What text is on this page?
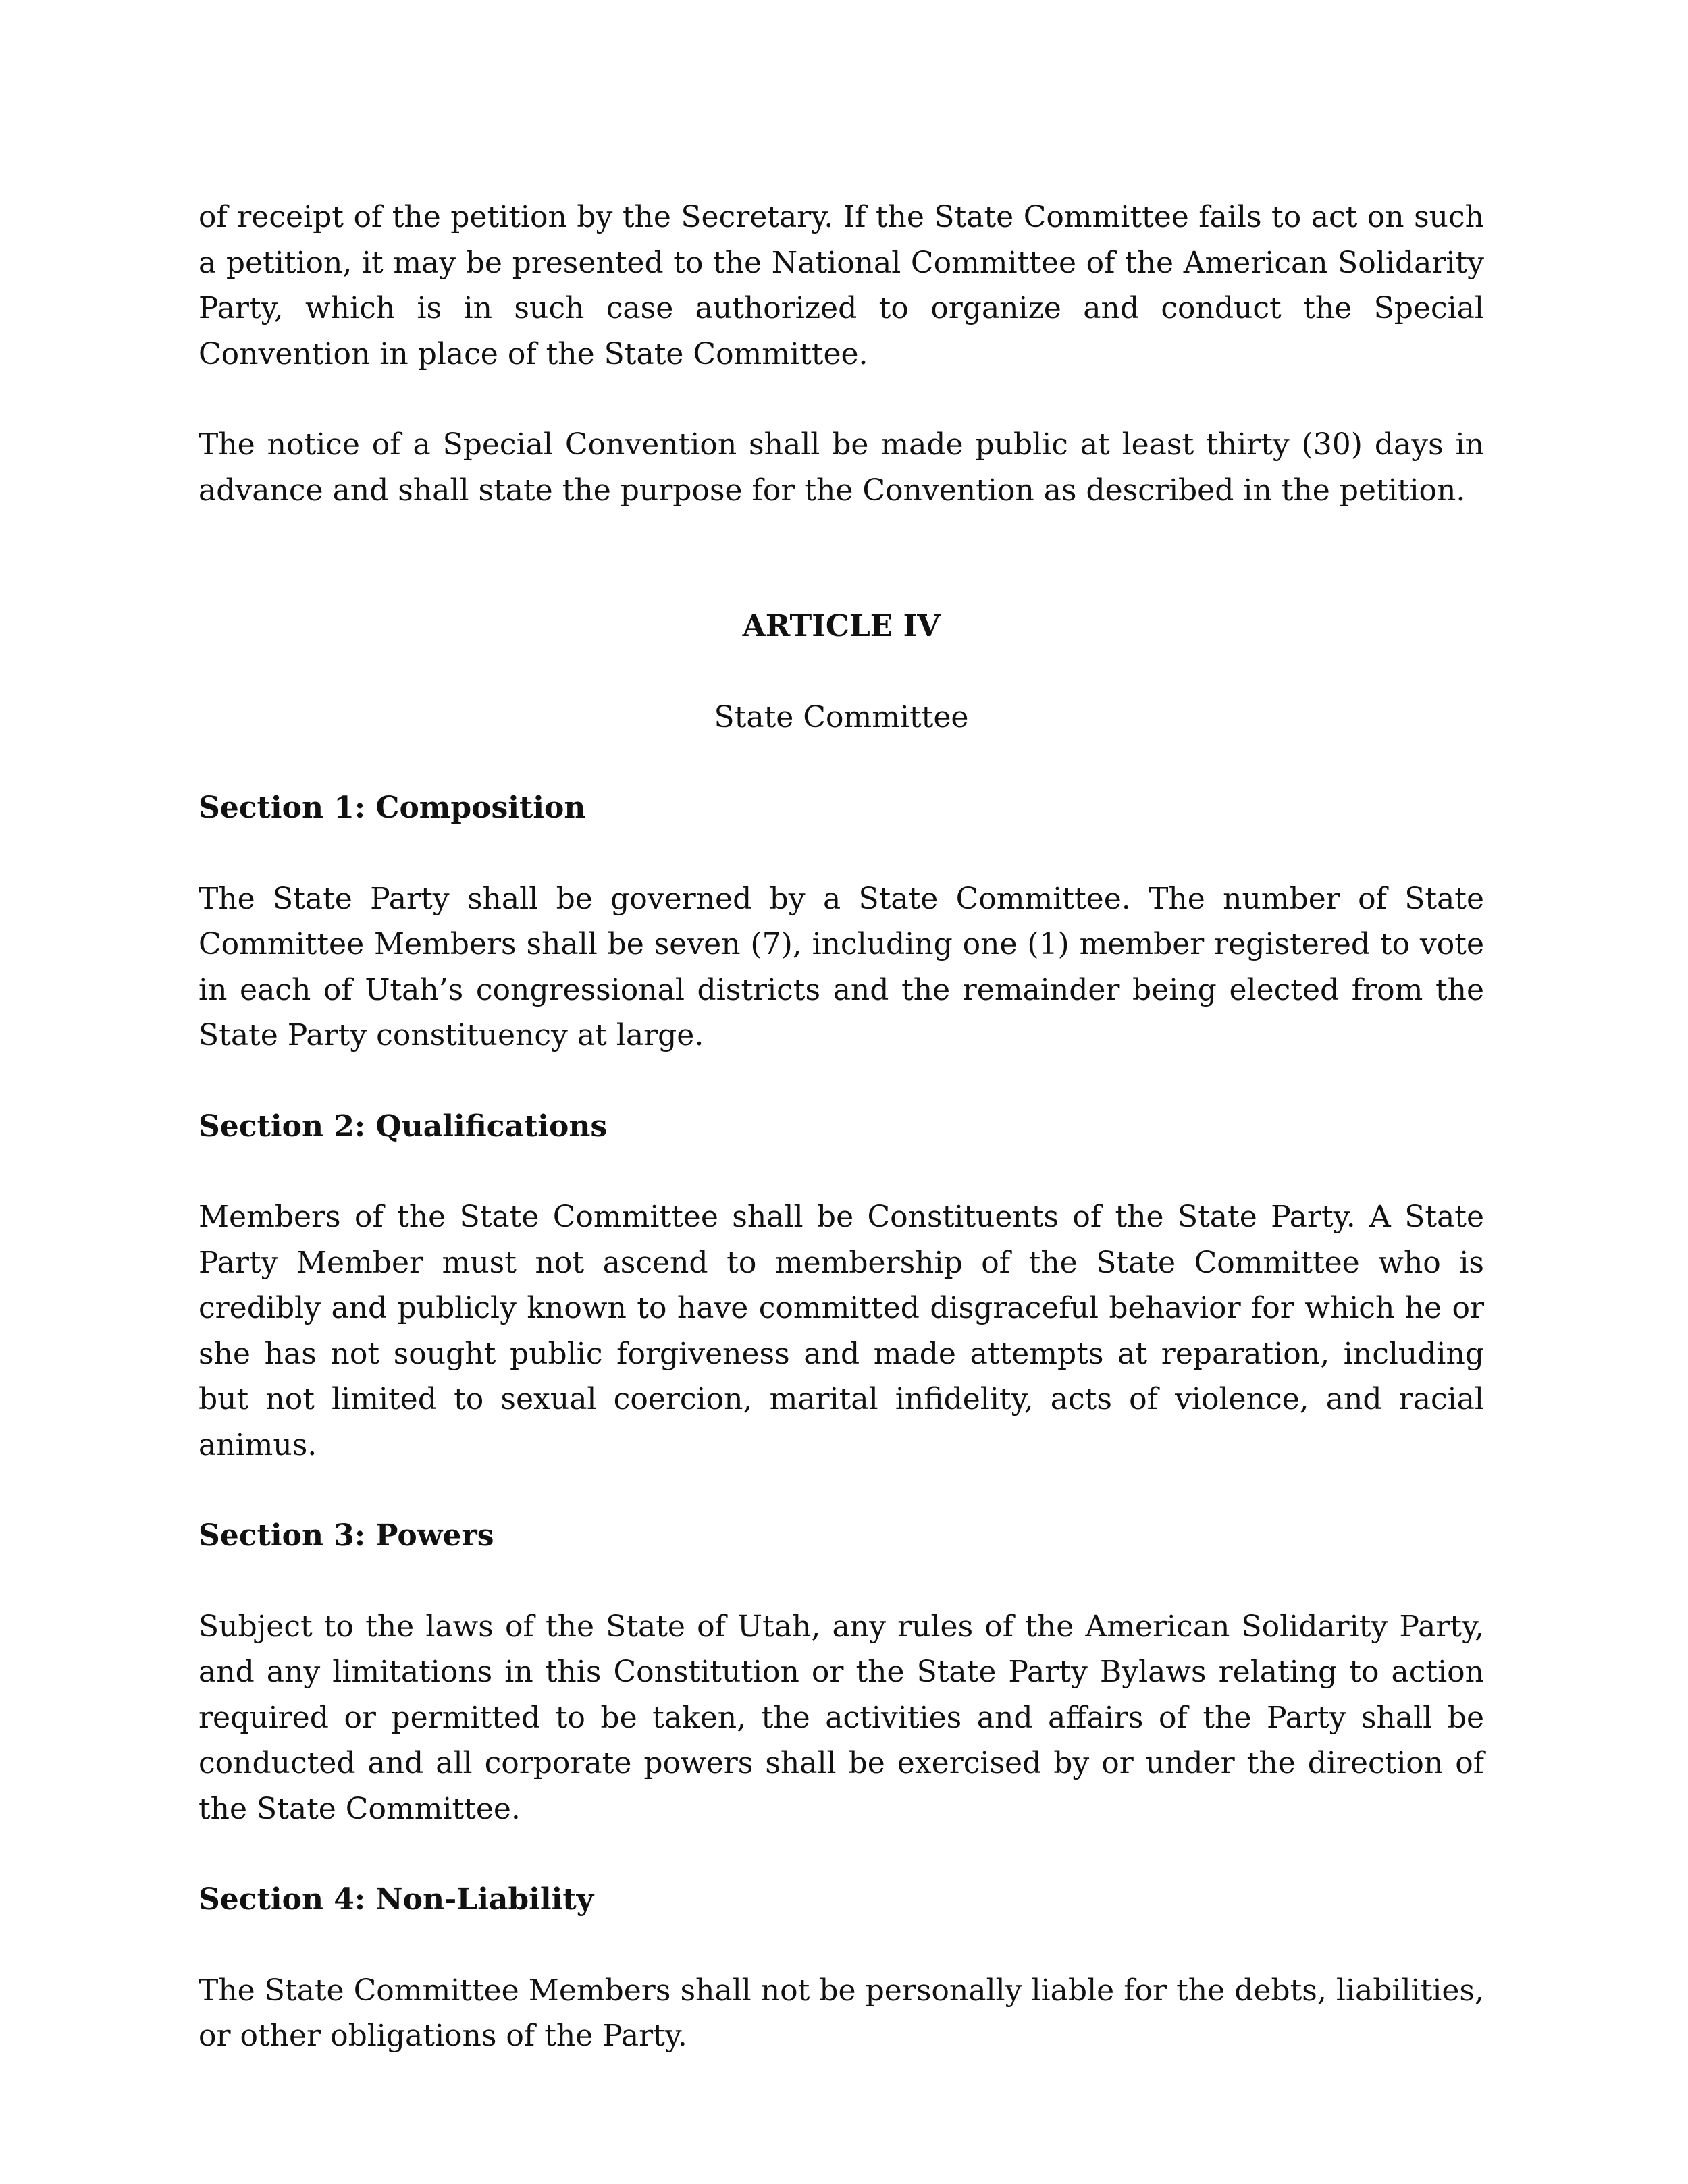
of receipt of the petition by the Secretary. If the State Committee fails to act on such a petition, it may be presented to the National Committee of the American Solidarity Party, which is in such case authorized to organize and conduct the Special Convention in place of the State Committee.

The notice of a Special Convention shall be made public at least thirty (30) days in advance and shall state the purpose for the Convention as described in the petition.

ARTICLE IV
State Committee
Section 1: Composition

The State Party shall be governed by a State Committee. The number of State Committee Members shall be seven (7), including one (1) member registered to vote in each of Utah’s congressional districts and the remainder being elected from the State Party constituency at large.

Section 2: Qualifications

Members of the State Committee shall be Constituents of the State Party. A State Party Member must not ascend to membership of the State Committee who is credibly and publicly known to have committed disgraceful behavior for which he or she has not sought public forgiveness and made attempts at reparation, including but not limited to sexual coercion, marital infidelity, acts of violence, and racial animus.

Section 3: Powers

Subject to the laws of the State of Utah, any rules of the American Solidarity Party, and any limitations in this Constitution or the State Party Bylaws relating to action required or permitted to be taken, the activities and affairs of the Party shall be conducted and all corporate powers shall be exercised by or under the direction of the State Committee.

Section 4: Non-Liability

The State Committee Members shall not be personally liable for the debts, liabilities, or other obligations of the Party.
